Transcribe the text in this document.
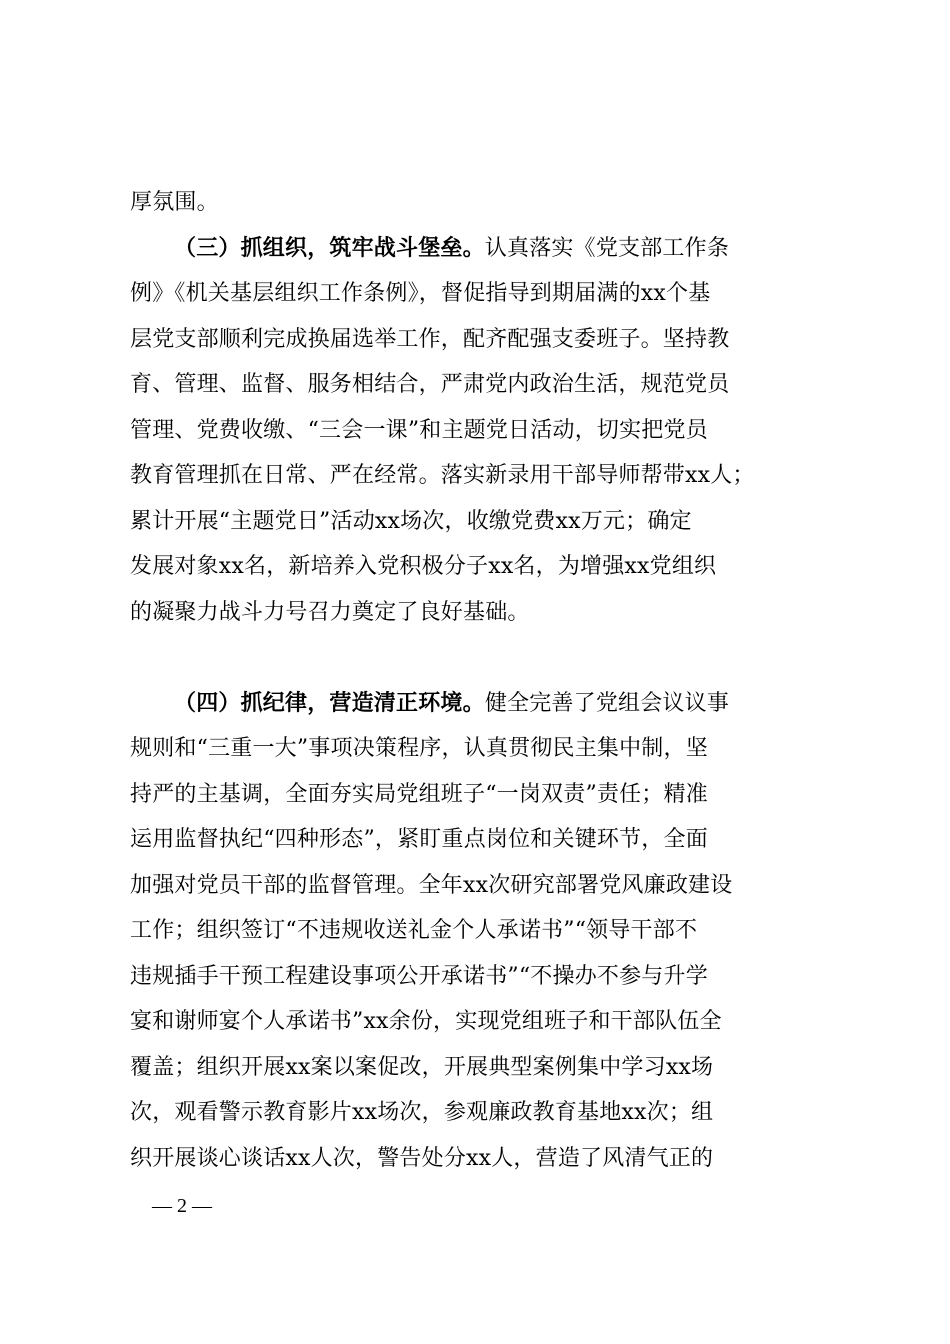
厚氛围。
（三）抓组织，筑牢战斗堡垒。认真落实《党支部工作条
例》《机关基层组织工作条例》，督促指导到期届满的xx个基
层党支部顺利完成换届选举工作，配齐配强支委班子。坚持教
育、管理、监督、服务相结合，严肃党内政治生活，规范党员
管理、党费收缴、“三会一课”和主题党日活动，切实把党员
教育管理抓在日常、严在经常。落实新录用干部导师帮带xx人；
累计开展“主题党日”活动xx场次，收缴党费xx万元；确定
发展对象xx名，新培养入党积极分子xx名，为增强xx党组织
的凝聚力战斗力号召力奠定了良好基础。
（四）抓纪律，营造清正环境。健全完善了党组会议议事
规则和“三重一大”事项决策程序，认真贯彻民主集中制，坚
持严的主基调，全面夯实局党组班子“一岗双责”责任；精准
运用监督执纪“四种形态”，紧盯重点岗位和关键环节，全面
加强对党员干部的监督管理。全年xx次研究部署党风廉政建设
工作；组织签订“不违规收送礼金个人承诺书”“领导干部不
违规插手干预工程建设事项公开承诺书”“不操办不参与升学
宴和谢师宴个人承诺书”xx余份，实现党组班子和干部队伍全
覆盖；组织开展xx案以案促改，开展典型案例集中学习xx场
次，观看警示教育影片xx场次，参观廉政教育基地xx次；组
织开展谈心谈话xx人次，警告处分xx人，营造了风清气正的
— 2 —
